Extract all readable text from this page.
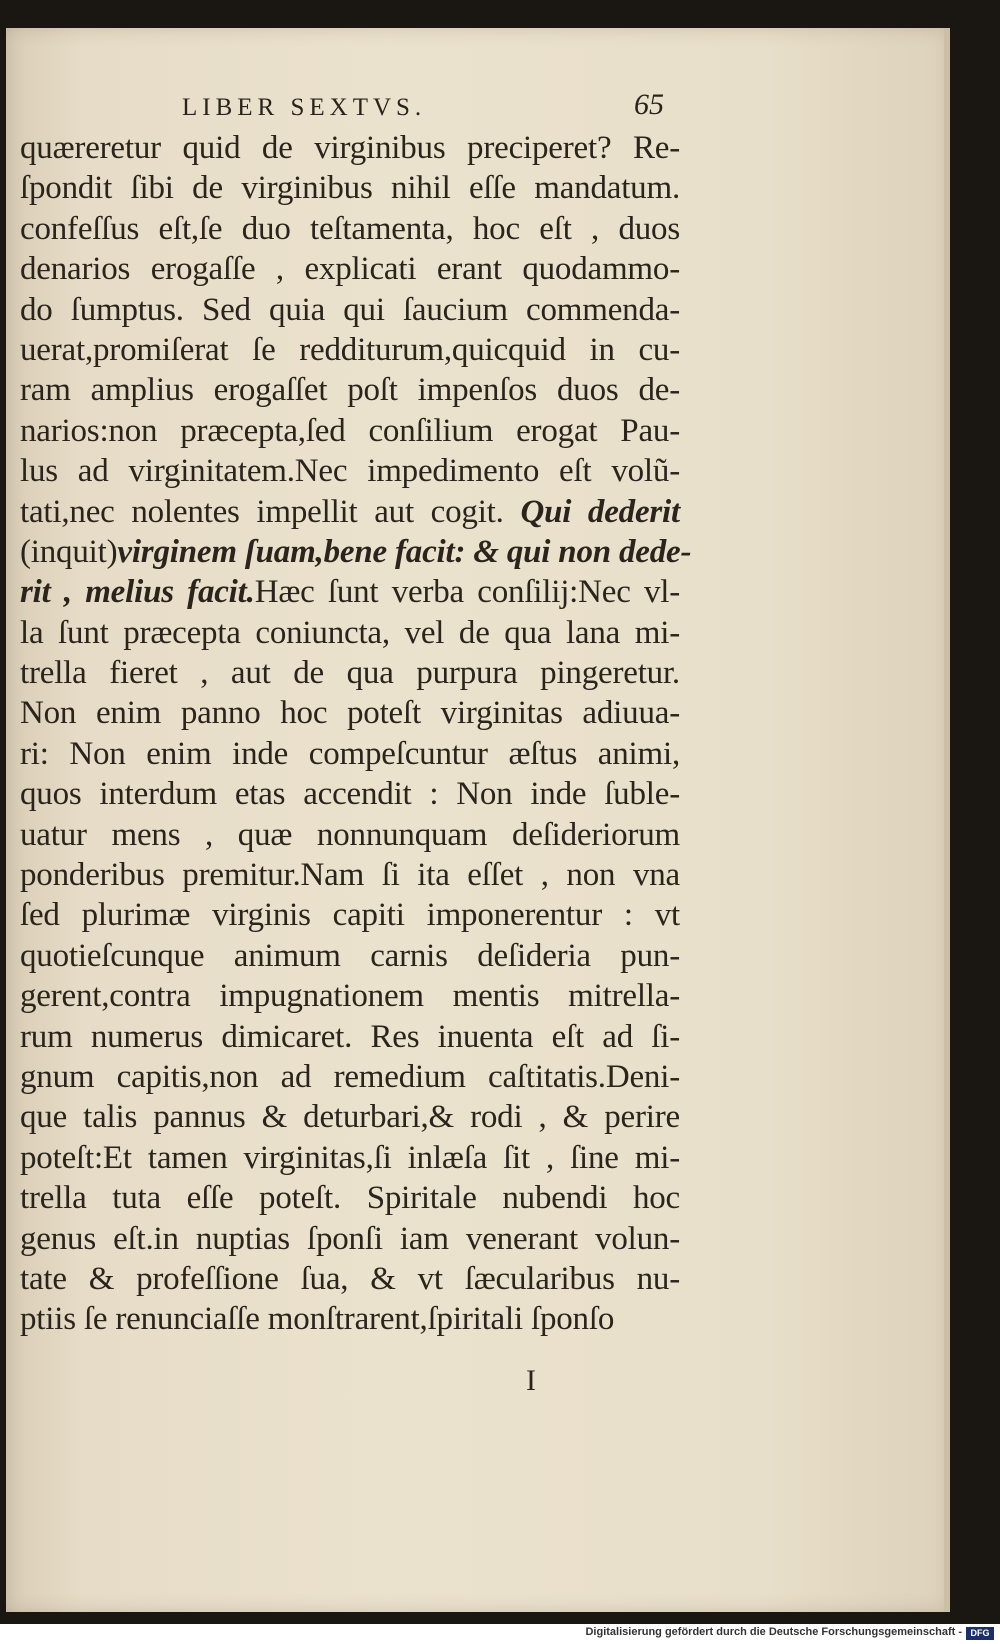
LIBER SEXTVS.	65
quæreretur quid de virginibus preciperet? Re-
ſpondit ſibi de virginibus nihil eſſe mandatum.
confeſſus eſt,ſe duo teſtamenta, hoc eſt , duos
denarios erogaſſe , explicati erant quodammo-
do ſumptus. Sed quia qui ſaucium commenda-
uerat,promiſerat ſe redditurum,quicquid in cu-
ram amplius erogaſſet poſt impenſos duos de-
narios:non præcepta,ſed conſilium erogat Pau-
lus ad virginitatem.Nec impedimento eſt volũ-
tati,nec nolentes impellit aut cogit. Qui dederit
(inquit)virginem ſuam,bene facit: & qui non dede-
rit , melius facit.Hæc ſunt verba conſilij:Nec vl-
la ſunt præcepta coniuncta, vel de qua lana mi-
trella fieret , aut de qua purpura pingeretur.
Non enim panno hoc poteſt virginitas adiuua-
ri: Non enim inde compeſcuntur æſtus animi,
quos interdum etas accendit : Non inde ſuble-
uatur mens , quæ nonnunquam deſideriorum
ponderibus premitur.Nam ſi ita eſſet , non vna
ſed plurimæ virginis capiti imponerentur : vt
quotieſcunque animum carnis deſideria pun-
gerent,contra impugnationem mentis mitrella-
rum numerus dimicaret. Res inuenta eſt ad ſi-
gnum capitis,non ad remedium caſtitatis.Deni-
que talis pannus & deturbari,& rodi , & perire
poteſt:Et tamen virginitas,ſi inlæſa ſit , ſine mi-
trella tuta eſſe poteſt. Spiritale nubendi hoc
genus eſt.in nuptias ſponſi iam venerant volun-
tate & profeſſione ſua, & vt ſæcularibus nu-
ptiis ſe renunciaſſe monſtrarent,ſpiritali ſponſo
I
Digitalisierung gefördert durch die Deutsche Forschungsgemeinschaft - DFG
